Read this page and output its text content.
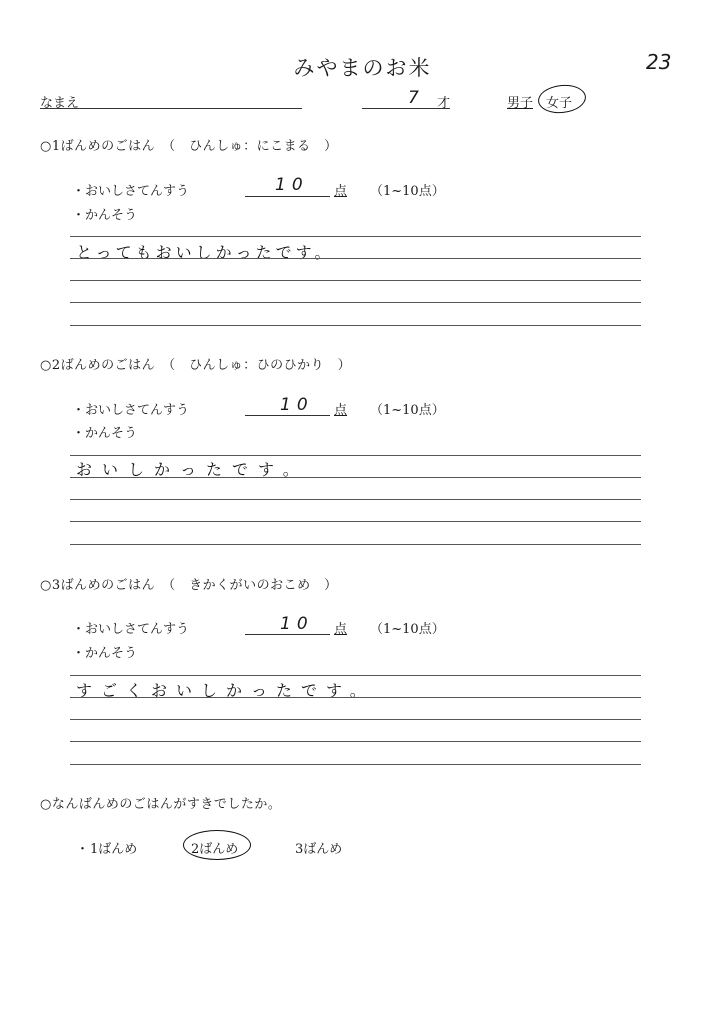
みやまのお米	23
なまえ	7 才	男子 女子
○1ばんめのごはん　（　ひんしゅ：にこまる　）
・おいしさてんすう	10 点 （1~10点）
・かんそう
とってもおいしかったです。
○2ばんめのごはん　（　ひんしゅ：ひのひかり　）
・おいしさてんすう	10 点 （1~10点）
・かんそう
おいしかったです。
○3ばんめのごはん　（　きかくがいのおこめ　）
・おいしさてんすう	10 点 （1~10点）
・かんそう
すごくおいしかったです。
○なんばんめのごはんがすきでしたか。
・ 1ばんめ	2ばんめ	3ばんめ
